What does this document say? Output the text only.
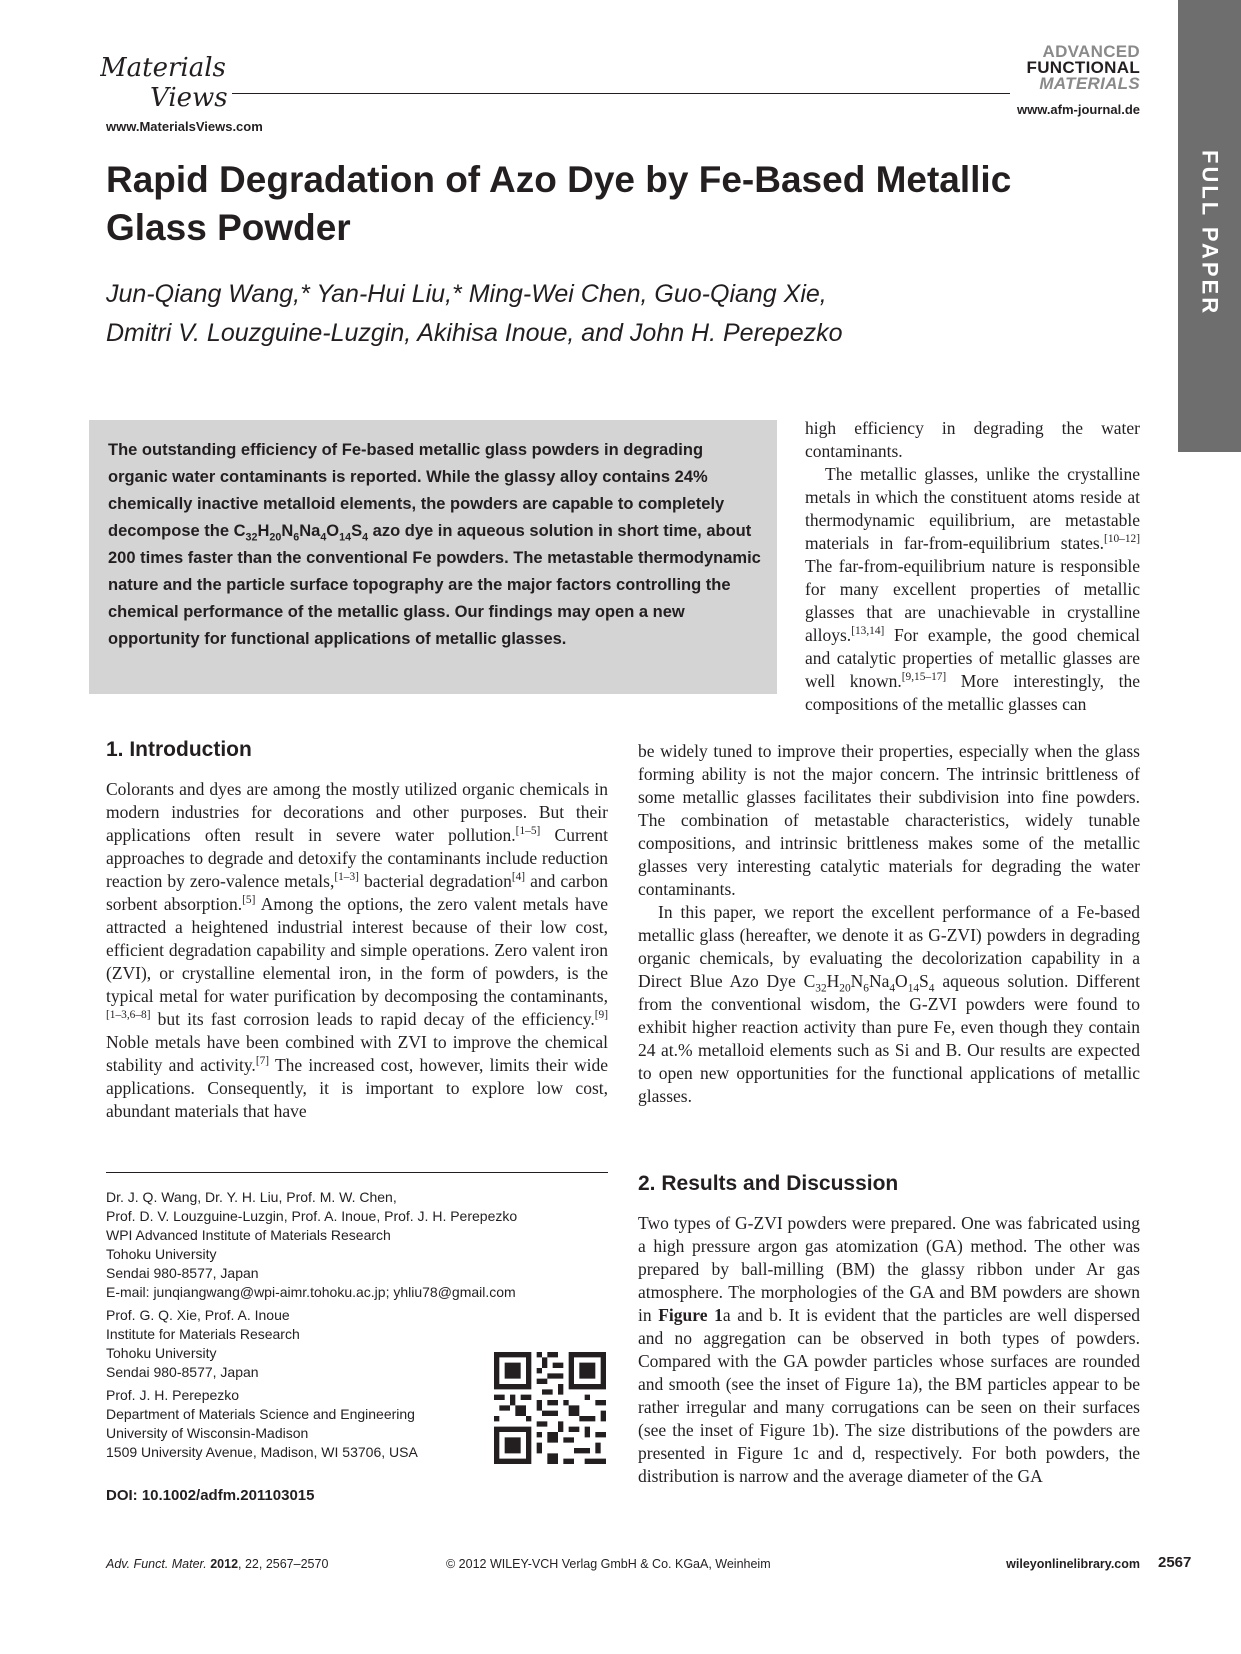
Materials
Views
www.MaterialsViews.com
ADVANCED
FUNCTIONAL
MATERIALS
www.afm-journal.de
FULL PAPER
Rapid Degradation of Azo Dye by Fe-Based Metallic Glass Powder
Jun-Qiang Wang,* Yan-Hui Liu,* Ming-Wei Chen, Guo-Qiang Xie,
Dmitri V. Louzguine-Luzgin, Akihisa Inoue, and John H. Perepezko
The outstanding efficiency of Fe-based metallic glass powders in degrading organic water contaminants is reported. While the glassy alloy contains 24% chemically inactive metalloid elements, the powders are capable to completely decompose the $C_{32}H_{20}N_6Na_4O_{14}S_4$ azo dye in aqueous solution in short time, about 200 times faster than the conventional Fe powders. The metastable thermodynamic nature and the particle surface topography are the major factors controlling the chemical performance of the metallic glass. Our findings may open a new opportunity for functional applications of metallic glasses.

high efficiency in degrading the water contaminants.

The metallic glasses, unlike the crystalline metals in which the constituent atoms reside at thermodynamic equilibrium, are metastable materials in far-from-equilibrium states.[10–12] The far-from-equilibrium nature is responsible for many excellent properties of metallic glasses that are unachievable in crystalline alloys.[13,14] For example, the good chemical and catalytic properties of metallic glasses are well known.[9,15–17] More interestingly, the compositions of the metallic glasses can

be widely tuned to improve their properties, especially when the glass forming ability is not the major concern. The intrinsic brittleness of some metallic glasses facilitates their subdivision into fine powders. The combination of metastable characteristics, widely tunable compositions, and intrinsic brittleness makes some of the metallic glasses very interesting catalytic materials for degrading the water contaminants.

In this paper, we report the excellent performance of a Fe-based metallic glass (hereafter, we denote it as G-ZVI) powders in degrading organic chemicals, by evaluating the decolorization capability in a Direct Blue Azo Dye $C_{32}H_{20}N_6Na_4O_{14}S_4$ aqueous solution. Different from the conventional wisdom, the G-ZVI powders were found to exhibit higher reaction activity than pure Fe, even though they contain 24 at.% metalloid elements such as Si and B. Our results are expected to open new opportunities for the functional applications of metallic glasses.

1. Introduction

Colorants and dyes are among the mostly utilized organic chemicals in modern industries for decorations and other purposes. But their applications often result in severe water pollution.[1–5] Current approaches to degrade and detoxify the contaminants include reduction reaction by zero-valence metals,[1–3] bacterial degradation[4] and carbon sorbent absorption.[5] Among the options, the zero valent metals have attracted a heightened industrial interest because of their low cost, efficient degradation capability and simple operations. Zero valent iron (ZVI), or crystalline elemental iron, in the form of powders, is the typical metal for water purification by decomposing the contaminants,[1–3,6–8] but its fast corrosion leads to rapid decay of the efficiency.[9] Noble metals have been combined with ZVI to improve the chemical stability and activity.[7] The increased cost, however, limits their wide applications. Consequently, it is important to explore low cost, abundant materials that have

2. Results and Discussion

Two types of G-ZVI powders were prepared. One was fabricated using a high pressure argon gas atomization (GA) method. The other was prepared by ball-milling (BM) the glassy ribbon under Ar gas atmosphere. The morphologies of the GA and BM powders are shown in Figure 1a and b. It is evident that the particles are well dispersed and no aggregation can be observed in both types of powders. Compared with the GA powder particles whose surfaces are rounded and smooth (see the inset of Figure 1a), the BM particles appear to be rather irregular and many corrugations can be seen on their surfaces (see the inset of Figure 1b). The size distributions of the powders are presented in Figure 1c and d, respectively. For both powders, the distribution is narrow and the average diameter of the GA

Dr. J. Q. Wang, Dr. Y. H. Liu, Prof. M. W. Chen,
Prof. D. V. Louzguine-Luzgin, Prof. A. Inoue, Prof. J. H. Perepezko
WPI Advanced Institute of Materials Research
Tohoku University
Sendai 980-8577, Japan
E-mail: junqiangwang@wpi-aimr.tohoku.ac.jp; yhliu78@gmail.com
Prof. G. Q. Xie, Prof. A. Inoue
Institute for Materials Research
Tohoku University
Sendai 980-8577, Japan
Prof. J. H. Perepezko
Department of Materials Science and Engineering
University of Wisconsin-Madison
1509 University Avenue, Madison, WI 53706, USA
DOI: 10.1002/adfm.201103015
Adv. Funct. Mater. 2012, 22, 2567–2570	© 2012 WILEY-VCH Verlag GmbH & Co. KGaA, Weinheim	wileyonlinelibrary.com 2567
